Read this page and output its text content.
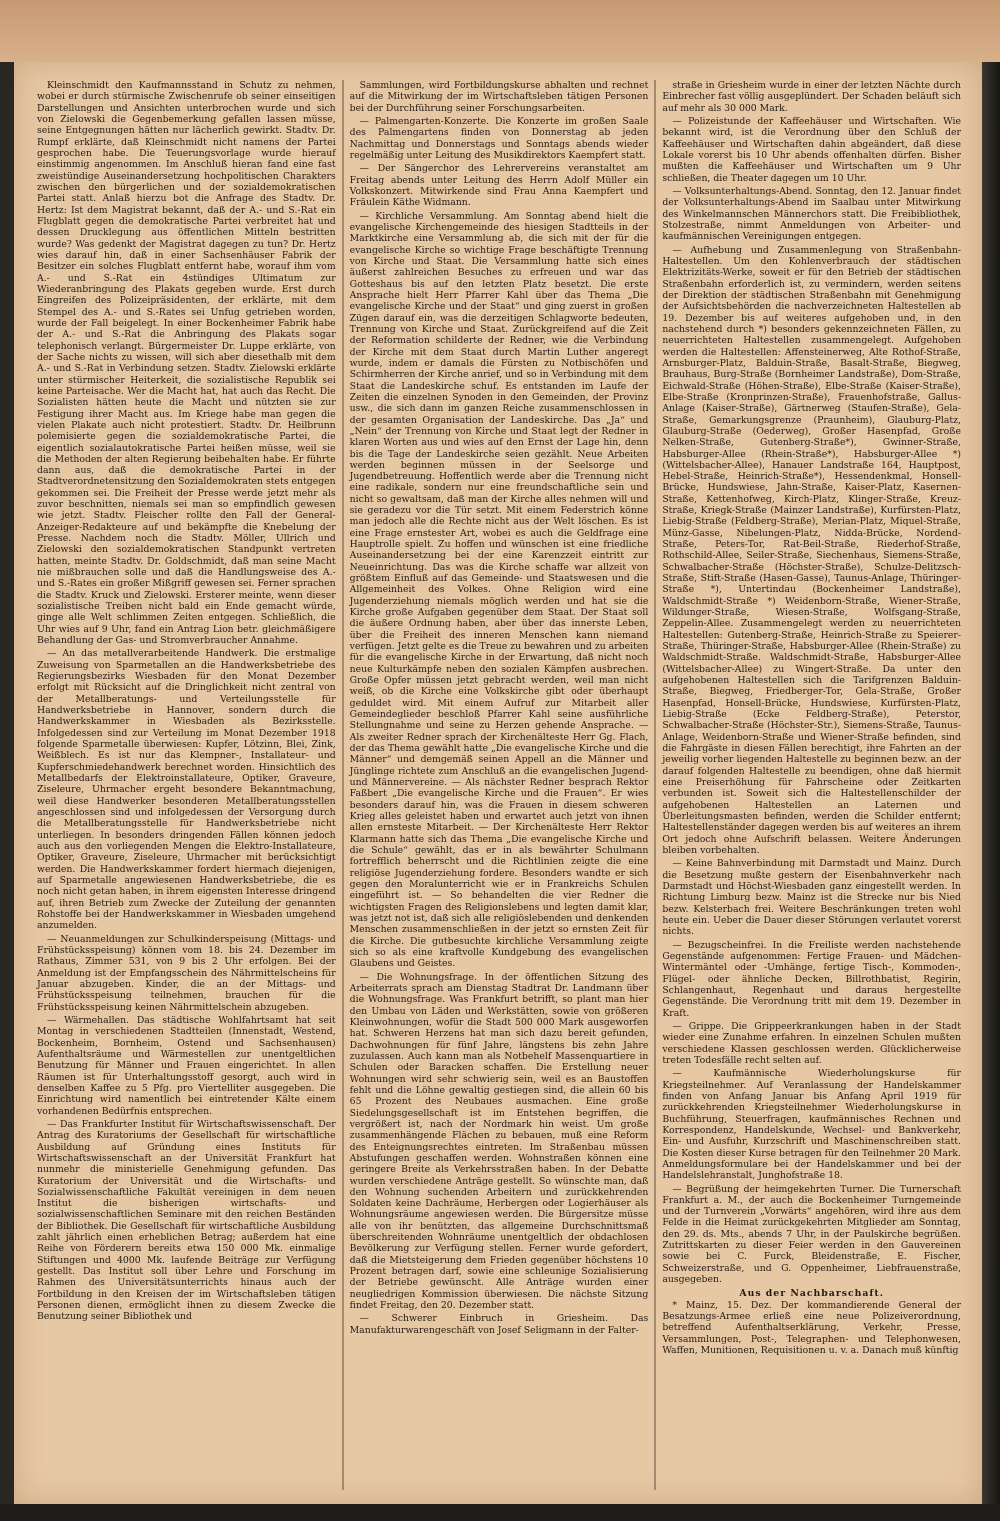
Kleinschmidt den Kaufmannsstand in Schutz zu nehmen, wobei er durch stürmische Zwischenrufe ob seiner einseitigen Darstellungen und Ansichten unterbrochen wurde und sich von Zielowski die Gegenbemerkung gefallen lassen müsse, seine Entgegnungen hätten nur lächerlich gewirkt. Stadtv. Dr. Rumpf erklärte, daß Kleinschmidt nicht namens der Partei gesprochen habe. Die Teuerungsvorlage wurde hierauf einstimmig angenommen. Im Anschluß hieran fand eine fast zweistündige Auseinandersetzung hochpolitischen Charakters zwischen den bürgerlichen und der sozialdemokratischen Partei statt. Anlaß hierzu bot die Anfrage des Stadtv. Dr. Hertz: Ist dem Magistrat bekannt, daß der A.- und S.-Rat ein Flugblatt gegen die demokratische Partei verbreitet hat und dessen Drucklegung aus öffentlichen Mitteln bestritten wurde? Was gedenkt der Magistrat dagegen zu tun? Dr. Hertz wies darauf hin, daß in einer Sachsenhäuser Fabrik der Besitzer ein solches Flugblatt entfernt habe, worauf ihm vom A.- und S.-Rat ein 4stündiges Ultimatum zur Wiederanbringung des Plakats gegeben wurde. Erst durch Eingreifen des Polizeipräsidenten, der erklärte, mit dem Stempel des A.- und S.-Rates sei Unfug getrieben worden, wurde der Fall beigelegt. In einer Bockenheimer Fabrik habe der A.- und S.-Rat die Anbringung des Plakats sogar telephonisch verlangt. Bürgermeister Dr. Luppe erklärte, von der Sache nichts zu wissen, will sich aber diesethalb mit dem A.- und S.-Rat in Verbindung setzen. Stadtv. Zielowski erklärte unter stürmischer Heiterkeit, die sozialistische Republik sei keine Parteisache. Wer die Macht hat, hat auch das Recht. Die Sozialisten hätten heute die Macht und nützten sie zur Festigung ihrer Macht aus. Im Kriege habe man gegen die vielen Plakate auch nicht protestiert. Stadtv. Dr. Heilbrunn polemisierte gegen die sozialdemokratische Partei, die eigentlich sozialautokratische Partei heißen müsse, weil sie die Methoden der alten Regierung beibehalten habe. Er führte dann aus, daß die demokratische Partei in der Stadtverordnetensitzung den Sozialdemokraten stets entgegen gekommen sei. Die Freiheit der Presse werde jetzt mehr als zuvor beschnitten, niemals sei man so empfindlich gewesen wie jetzt. Stadtv. Fleischer rollte den Fall der General-Anzeiger-Redakteure auf und bekämpfte die Knebelung der Presse. Nachdem noch die Stadtv. Möller, Ullrich und Zielowski den sozialdemokratischen Standpunkt vertreten hatten, meinte Stadtv. Dr. Goldschmidt, daß man seine Macht nie mißbrauchen solle und daß die Handlungsweise des A.- und S.-Rates ein großer Mißgriff gewesen sei. Ferner sprachen die Stadtv. Kruck und Zielowski. Ersterer meinte, wenn dieser sozialistische Treiben nicht bald ein Ende gemacht würde, ginge alle Welt schlimmen Zeiten entgegen. Schließlich, die Uhr wies auf 9 Uhr, fand ein Antrag Lion betr. gleichmäßigere Behandlung der Gas- und Stromverbraucher Annahme.

— An das metallverarbeitende Handwerk. Die erstmalige Zuweisung von Sparmetallen an die Handwerksbetriebe des Regierungsbezirks Wiesbaden für den Monat Dezember erfolgt mit Rücksicht auf die Dringlichkeit nicht zentral von der Metallberatungs- und Verteilungsstelle für Handwerksbetriebe in Hannover, sondern durch die Handwerkskammer in Wiesbaden als Bezirksstelle. Infolgedessen sind zur Verteilung im Monat Dezember 1918 folgende Sparmetalle überwiesen: Kupfer, Lötzinn, Blei, Zink, Weißblech. Es ist nur das Klempner-, Installateur- und Kupferschmiedehandwerk berechnet worden. Hinsichtlich des Metallbedarfs der Elektroinstallateure, Optiker, Graveure, Ziseleure, Uhrmacher ergeht besondere Bekanntmachung, weil diese Handwerker besonderen Metallberatungsstellen angeschlossen sind und infolgedessen der Versorgung durch die Metallberatungsstelle für Handwerksbetriebe nicht unterliegen. In besonders dringenden Fällen können jedoch auch aus den vorliegenden Mengen die Elektro-Installateure, Optiker, Graveure, Ziseleure, Uhrmacher mit berücksichtigt werden. Die Handwerkskammer fordert hiermach diejenigen, auf Sparmetalle angewiesenen Handwerksbetriebe, die es noch nicht getan haben, in ihrem eigensten Interesse dringend auf, ihren Betrieb zum Zwecke der Zuteilung der genannten Rohstoffe bei der Handwerkskammer in Wiesbaden umgehend anzumelden.

— Neuanmeldungen zur Schulkinderspeisung (Mittags- und Frühstücksspeisung) können vom 18. bis 24. Dezember im Rathaus, Zimmer 531, von 9 bis 2 Uhr erfolgen. Bei der Anmeldung ist der Empfangsschein des Nährmittelscheins für Januar abzugeben. Kinder, die an der Mittags- und Frühstücksspeisung teilnehmen, brauchen für die Frühstücksspeisung keinen Nährmittelschein abzugeben.

— Wärmehallen. Das städtische Wohlfahrtsamt hat seit Montag in verschiedenen Stadtteilen (Innenstadt, Westend, Bockenheim, Bornheim, Ostend und Sachsenhausen) Aufenthaltsräume und Wärmestellen zur unentgeltlichen Benutzung für Männer und Frauen eingerichtet. In allen Räumen ist für Unterhaltungsstoff gesorgt, auch wird in denselben Kaffee zu 5 Pfg. pro Viertelliter ausgegeben. Die Einrichtung wird namentlich bei eintretender Kälte einem vorhandenen Bedürfnis entsprechen.

— Das Frankfurter Institut für Wirtschaftswissenschaft. Der Antrag des Kuratoriums der Gesellschaft für wirtschaftliche Ausbildung auf Gründung eines Instituts für Wirtschaftswissenschaft an der Universität Frankfurt hat nunmehr die ministerielle Genehmigung gefunden. Das Kuratorium der Universität und die Wirtschafts- und Sozialwissenschaftliche Fakultät vereinigen in dem neuen Institut die bisherigen wirtschafts- und sozialwissenschaftlichen Seminare mit den reichen Beständen der Bibliothek. Die Gesellschaft für wirtschaftliche Ausbildung zahlt jährlich einen erheblichen Betrag; außerdem hat eine Reihe von Förderern bereits etwa 150 000 Mk. einmalige Stiftungen und 4000 Mk. laufende Beiträge zur Verfügung gestellt. Das Institut soll über Lehre und Forschung im Rahmen des Universitätsunterrichts hinaus auch der Fortbildung in den Kreisen der im Wirtschaftsleben tätigen Personen dienen, ermöglicht ihnen zu diesem Zwecke die Benutzung seiner Bibliothek und

Sammlungen, wird Fortbildungskurse abhalten und rechnet auf die Mitwirkung der im Wirtschaftsleben tätigen Personen bei der Durchführung seiner Forschungsarbeiten.

— Palmengarten-Konzerte. Die Konzerte im großen Saale des Palmengartens finden von Donnerstag ab jeden Nachmittag und Donnerstags und Sonntags abends wieder regelmäßig unter Leitung des Musikdirektors Kaempfert statt.

— Der Sängerchor des Lehrervereins veranstaltet am Freitag abends unter Leitung des Herrn Adolf Müller ein Volkskonzert. Mitwirkende sind Frau Anna Kaempfert und Fräulein Käthe Widmann.

— Kirchliche Versammlung. Am Sonntag abend hielt die evangelische Kirchengemeinde des hiesigen Stadtteils in der Marktkirche eine Versammlung ab, die sich mit der für die evangelische Kirche so wichtige Frage beschäftigte Trennung von Kirche und Staat. Die Versammlung hatte sich eines äußerst zahlreichen Besuches zu erfreuen und war das Gotteshaus bis auf den letzten Platz besetzt. Die erste Ansprache hielt Herr Pfarrer Kahl über das Thema „Die evangelische Kirche und der Staat“ und ging zuerst in großen Zügen darauf ein, was die derzeitigen Schlagworte bedeuten, Trennung von Kirche und Staat. Zurückgreifend auf die Zeit der Reformation schilderte der Redner, wie die Verbindung der Kirche mit dem Staat durch Martin Luther angeregt wurde, indem er damals die Fürsten zu Notbischöfen und Schirmherren der Kirche anrief, und so in Verbindung mit dem Staat die Landeskirche schuf. Es entstanden im Laufe der Zeiten die einzelnen Synoden in den Gemeinden, der Provinz usw., die sich dann im ganzen Reiche zusammenschlossen in der gesamten Organisation der Landeskirche. Das „Ja“ und „Nein“ der Trennung von Kirche und Staat legt der Redner in klaren Worten aus und wies auf den Ernst der Lage hin, denn bis die Tage der Landeskirche seien gezählt. Neue Arbeiten werden beginnen müssen in der Seelsorge und Jugendbetreuung. Hoffentlich werde aber die Trennung nicht eine radikale, sondern nur eine freundschaftliche sein und nicht so gewaltsam, daß man der Kirche alles nehmen will und sie geradezu vor die Tür setzt. Mit einem Federstrich könne man jedoch alle die Rechte nicht aus der Welt löschen. Es ist eine Frage ernstester Art, wobei es auch die Geldfrage eine Hauptrolle spielt. Zu hoffen und wünschen ist eine friedliche Auseinandersetzung bei der eine Karenzzeit eintritt zur Neueinrichtung. Das was die Kirche schaffe war allzeit von größtem Einfluß auf das Gemeinde- und Staatswesen und die Allgemeinheit des Volkes. Ohne Religion wird eine Jugenderziehung niemals möglich werden und hat sie die Kirche große Aufgaben gegenüber dem Staat. Der Staat soll die äußere Ordnung haben, aber über das innerste Leben, über die Freiheit des inneren Menschen kann niemand verfügen. Jetzt gelte es die Treue zu bewahren und zu arbeiten für die evangelische Kirche in der Erwartung, daß nicht noch neue Kulturkämpfe neben den sozialen Kämpfen ausbrechen. Große Opfer müssen jetzt gebracht werden, weil man nicht weiß, ob die Kirche eine Volkskirche gibt oder überhaupt geduldet wird. Mit einem Aufruf zur Mitarbeit aller Gemeindeglieder beschloß Pfarrer Kahl seine ausführliche Stellungnahme und seine zu Herzen gehende Ansprache. — Als zweiter Redner sprach der Kirchenälteste Herr Gg. Flach, der das Thema gewählt hatte „Die evangelische Kirche und die Männer“ und demgemäß seinen Appell an die Männer und Jünglinge richtete zum Anschluß an die evangelischen Jugend- und Männervereine. — Als nächster Redner besprach Rektor Faßbert „Die evangelische Kirche und die Frauen“. Er wies besonders darauf hin, was die Frauen in diesem schweren Krieg alles geleistet haben und erwartet auch jetzt von ihnen allen ernsteste Mitarbeit. — Der Kirchenälteste Herr Rektor Klarmann hatte sich das Thema „Die evangelische Kirche und die Schule“ gewählt, das er in als bewährter Schulmann fortrefflich beherrscht und die Richtlinien zeigte die eine religiöse Jugenderziehung fordere. Besonders wandte er sich gegen den Moralunterricht wie er in Frankreichs Schulen eingeführt ist. — So behandelten die vier Redner die wichtigsten Fragen des Religionslebens und legten damit klar, was jetzt not ist, daß sich alle religiöslebenden und denkenden Menschen zusammenschließen in der jetzt so ernsten Zeit für die Kirche. Die gutbesuchte kirchliche Versammlung zeigte sich so als eine kraftvolle Kundgebung des evangelischen Glaubens und Geistes.

— Die Wohnungsfrage. In der öffentlichen Sitzung des Arbeiterrats sprach am Dienstag Stadtrat Dr. Landmann über die Wohnungsfrage. Was Frankfurt betrifft, so plant man hier den Umbau von Läden und Werkstätten, sowie von größeren Kleinwohnungen, wofür die Stadt 500 000 Mark ausgeworfen hat. Schweren Herzens hat man sich dazu bereit gefunden, Dachwohnungen für fünf Jahre, längstens bis zehn Jahre zuzulassen. Auch kann man als Notbehelf Massenquartiere in Schulen oder Baracken schaffen. Die Erstellung neuer Wohnungen wird sehr schwierig sein, weil es an Baustoffen fehlt und die Löhne gewaltig gestiegen sind, die allein 60 bis 65 Prozent des Neubaues ausmachen. Eine große Siedelungsgesellschaft ist im Entstehen begriffen, die vergrößert ist, nach der Nordmark hin weist. Um große zusammenhängende Flächen zu bebauen, muß eine Reform des Enteignungsrechtes eintreten. Im Straßenbau müssen Abstufungen geschaffen werden. Wohnstraßen können eine geringere Breite als Verkehrsstraßen haben. In der Debatte wurden verschiedene Anträge gestellt. So wünschte man, daß den Wohnung suchenden Arbeitern und zurückkehrenden Soldaten keine Dachräume, Herbergen oder Logierhäuser als Wohnungsräume angewiesen werden. Die Bürgersitze müsse alle von ihr benützten, das allgemeine Durchschnittsmaß überschreitenden Wohnräume unentgeltlich der obdachlosen Bevölkerung zur Verfügung stellen. Ferner wurde gefordert, daß die Mietsteigerung dem Frieden gegenüber höchstens 10 Prozent betragen darf, sowie eine schleunige Sozialisierung der Betriebe gewünscht. Alle Anträge wurden einer neugliedrigen Kommission überwiesen. Die nächste Sitzung findet Freitag, den 20. Dezember statt.

— Schwerer Einbruch in Griesheim. Das Manufakturwarengeschäft von Josef Seligmann in der Falter-

straße in Griesheim wurde in einer der letzten Nächte durch Einbrecher fast völlig ausgeplündert. Der Schaden beläuft sich auf mehr als 30 000 Mark.

— Polizeistunde der Kaffeehäuser und Wirtschaften. Wie bekannt wird, ist die Verordnung über den Schluß der Kaffeehäuser und Wirtschaften dahin abgeändert, daß diese Lokale vorerst bis 10 Uhr abends offenhalten dürfen. Bisher mußten die Kaffeehäuser und Wirtschaften um 9 Uhr schließen, die Theater dagegen um 10 Uhr.

— Volksunterhaltungs-Abend. Sonntag, den 12. Januar findet der Volksunterhaltungs-Abend im Saalbau unter Mitwirkung des Winkelmannschen Männerchors statt. Die Freibibliothek, Stolzestraße, nimmt Anmeldungen von Arbeiter- und kaufmännischen Vereinigungen entgegen.

— Aufhebung und Zusammenlegung von Straßenbahn-Haltestellen. Um den Kohlenverbrauch der städtischen Elektrizitäts-Werke, soweit er für den Betrieb der städtischen Straßenbahn erforderlich ist, zu vermindern, werden seitens der Direktion der städtischen Straßenbahn mit Genehmigung der Aufsichtsbehörden die nachverzeichneten Haltestellen ab 19. Dezember bis auf weiteres aufgehoben und, in den nachstehend durch *) besonders gekennzeichneten Fällen, zu neuerrichteten Haltestellen zusammengelegt. Aufgehoben werden die Haltestellen: Affensteinerweg, Alte Rothof-Straße, Arnsburger-Platz, Balduin-Straße, Basalt-Straße, Biegweg, Brauhaus, Burg-Straße (Bornheimer Landstraße), Dom-Straße, Eichwald-Straße (Höhen-Straße), Elbe-Straße (Kaiser-Straße), Elbe-Straße (Kronprinzen-Straße), Frauenhofstraße, Gallus-Anlage (Kaiser-Straße), Gärtnerweg (Staufen-Straße), Gela-Straße, Gemarkungsgrenze (Praunheim), Glauburg-Platz, Glauburg-Straße (Oederweg), Großer Hasenpfad, Große Nelken-Straße, Gutenberg-Straße*), Gwinner-Straße, Habsburger-Allee (Rhein-Straße*), Habsburger-Allee *) (Wittelsbacher-Allee), Hanauer Landstraße 164, Hauptpost, Hebel-Straße, Heinrich-Straße*), Hessendenkmal, Honsell-Brücke, Hundswiese, Jahn-Straße, Kaiser-Platz, Kasernen-Straße, Kettenhofweg, Kirch-Platz, Klinger-Straße, Kreuz-Straße, Kriegk-Straße (Mainzer Landstraße), Kurfürsten-Platz, Liebig-Straße (Feldberg-Straße), Merian-Platz, Miquel-Straße, Münz-Gasse, Nibelungen-Platz, Nidda-Brücke, Nordend-Straße, Peters-Tor, Rat-Beil-Straße, Riederhof-Straße, Rothschild-Allee, Seiler-Straße, Siechenhaus, Siemens-Straße, Schwalbacher-Straße (Höchster-Straße), Schulze-Delitzsch-Straße, Stift-Straße (Hasen-Gasse), Taunus-Anlage, Thüringer-Straße *), Untertindau (Bockenheimer Landstraße), Waldschmidt-Straße *) Weidenborn-Straße, Wiener-Straße, Wildunger-Straße, Wiesen-Straße, Wolfsgang-Straße, Zeppelin-Allee. Zusammengelegt werden zu neuerrichteten Haltestellen: Gutenberg-Straße, Heinrich-Straße zu Speierer-Straße, Thüringer-Straße, Habsburger-Allee (Rhein-Straße) zu Waldschmidt-Straße. Waldschmidt-Straße, Habsburger-Allee (Wittelsbacher-Allee) zu Wingert-Straße. Da unter den aufgehobenen Haltestellen sich die Tarifgrenzen Balduin-Straße, Biegweg, Friedberger-Tor, Gela-Straße, Großer Hasenpfad, Honsell-Brücke, Hundswiese, Kurfürsten-Platz, Liebig-Straße (Ecke Feldberg-Straße), Peterstor, Schwalbacher-Straße (Höchster-Str.), Siemens-Straße, Taunus-Anlage, Weidenborn-Straße und Wiener-Straße befinden, sind die Fahrgäste in diesen Fällen berechtigt, ihre Fahrten an der jeweilig vorher liegenden Haltestelle zu beginnen bezw. an der darauf folgenden Haltestelle zu beendigen, ohne daß hiermit eine Preiserhöhung für Fahrscheine oder Zeitkarten verbunden ist. Soweit sich die Haltestellenschilder der aufgehobenen Haltestellen an Laternen und Überleitungsmasten befinden, werden die Schilder entfernt; Haltestellenständer dagegen werden bis auf weiteres an ihrem Ort jedoch ohne Aufschrift belassen. Weitere Änderungen bleiben vorbehalten.

— Keine Bahnverbindung mit Darmstadt und Mainz. Durch die Besetzung mußte gestern der Eisenbahnverkehr nach Darmstadt und Höchst-Wiesbaden ganz eingestellt werden. In Richtung Limburg bezw. Mainz ist die Strecke nur bis Nied bezw. Kelsterbach frei. Weitere Beschränkungen treten wohl heute ein. Ueber die Dauer dieser Störungen verlautet vorerst nichts.

— Bezugscheinfrei. In die Freiliste werden nachstehende Gegenstände aufgenommen: Fertige Frauen- und Mädchen-Wintermäntel oder -Umhänge, fertige Tisch-, Kommoden-, Flügel- oder ähnliche Decken, Billrothbatist, Regirin, Schlangenhaut, Regenhaut und daraus hergestellte Gegenstände. Die Verordnung tritt mit dem 19. Dezember in Kraft.

— Grippe. Die Grippeerkrankungen haben in der Stadt wieder eine Zunahme erfahren. In einzelnen Schulen mußten verschiedene Klassen geschlossen werden. Glücklicherweise treten Todesfälle recht selten auf.

— Kaufmännische Wiederholungskurse für Kriegsteilnehmer. Auf Veranlassung der Handelskammer finden von Anfang Januar bis Anfang April 1919 für zurückkehrenden Kriegsteilnehmer Wiederholungskurse in Buchführung, Steuerfragen, kaufmännisches Rechnen und Korrespondenz, Handelskunde, Wechsel- und Bankverkehr, Ein- und Ausfuhr, Kurzschrift und Maschinenschreiben statt. Die Kosten dieser Kurse betragen für den Teilnehmer 20 Mark. Anmeldungsformulare bei der Handelskammer und bei der Handelslehranstalt, Junghofstraße 18.

— Begrüßung der heimgekehrten Turner. Die Turnerschaft Frankfurt a. M., der auch die Bockenheimer Turngemeinde und der Turnverein „Vorwärts“ angehören, wird ihre aus dem Felde in die Heimat zurückgekehrten Mitglieder am Sonntag, den 29. ds. Mts., abends 7 Uhr, in der Paulskirche begrüßen. Zutrittskarten zu dieser Feier werden in den Gauvereinen sowie bei C. Furck, Bleidenstraße, E. Fischer, Schweizerstraße, und G. Oppenheimer, Liebfrauenstraße, ausgegeben.

Aus der Nachbarschaft.

* Mainz, 15. Dez. Der kommandierende General der Besatzungs-Armee erließ eine neue Polizeiverordnung, betreffend Aufenthaltserklärung, Verkehr, Presse, Versammlungen, Post-, Telegraphen- und Telephonwesen, Waffen, Munitionen, Requisitionen u. v. a. Danach muß künftig
